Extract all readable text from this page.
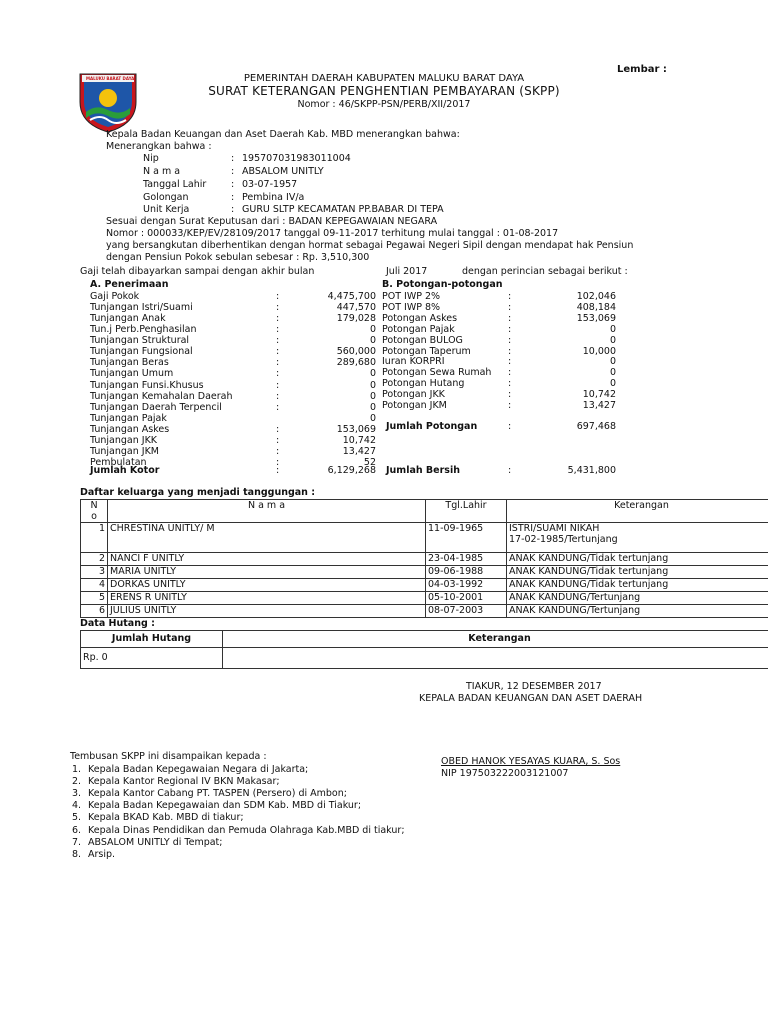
MALUKU BARAT DAYA
Lembar :
PEMERINTAH DAERAH KABUPATEN MALUKU BARAT DAYA
SURAT KETERANGAN PENGHENTIAN PEMBAYARAN (SKPP)
Nomor : 46/SKPP-PSN/PERB/XII/2017
Kepala Badan Keuangan dan Aset Daerah Kab. MBD menerangkan bahwa:
Menerangkan bahwa :
Nip	: 195707031983011004
N a m a	: ABSALOM UNITLY
Tanggal Lahir	: 03-07-1957
Golongan	: Pembina IV/a
Unit Kerja	: GURU SLTP KECAMATAN PP.BABAR DI TEPA
Sesuai dengan Surat Keputusan dari : BADAN KEPEGAWAIAN NEGARA
Nomor : 000033/KEP/EV/28109/2017 tanggal 09-11-2017 terhitung mulai tanggal : 01-08-2017
yang bersangkutan diberhentikan dengan hormat sebagai Pegawai Negeri Sipil dengan mendapat hak Pensiun
dengan Pensiun Pokok sebulan sebesar : Rp. 3,510,300
Gaji telah dibayarkan sampai dengan akhir bulan	Juli 2017	dengan perincian sebagai berikut :
A. Penerimaan
Gaji Pokok	:	4,475,700
Tunjangan Istri/Suami	:	447,570
Tunjangan Anak	:	179,028
Tun.j Perb.Penghasilan	:	0
Tunjangan Struktural	:	0
Tunjangan Fungsional	:	560,000
Tunjangan Beras	:	289,680
Tunjangan Umum	:	0
Tunjangan Funsi.Khusus	:	0
Tunjangan Kemahalan Daerah	:	0
Tunjangan Daerah Terpencil	:	0
Tunjangan Pajak	0
Tunjangan Askes	:	153,069
Tunjangan JKK	:	10,742
Tunjangan JKM	:	13,427
Pembulatan	:	52
B. Potongan-potongan
POT IWP 2%	:	102,046
POT IWP 8%	:	408,184
Potongan Askes	:	153,069
Potongan Pajak	:	0
Potongan BULOG	:	0
Potongan Taperum	:	10,000
Iuran KORPRI	:	0
Potongan Sewa Rumah :	0
Potongan Hutang	:	0
Potongan JKK	:	10,742
Potongan JKM	:	13,427
Jumlah Kotor	:	6,129,268
Jumlah Potongan	:	697,468
Jumlah Bersih	:	5,431,800
Daftar keluarga yang menjadi tanggungan :
N o	N a m a	Tgl.Lahir	Keterangan
1	CHRESTINA UNITLY/ M	11-09-1965	ISTRI/SUAMI NIKAH
17-02-1985/Tertunjang

2	NANCI F UNITLY	23-04-1985	ANAK KANDUNG/Tidak tertunjang

3	MARIA UNITLY	09-06-1988	ANAK KANDUNG/Tidak tertunjang

4	DORKAS UNITLY	04-03-1992	ANAK KANDUNG/Tidak tertunjang

5	ERENS R UNITLY	05-10-2001	ANAK KANDUNG/Tertunjang

6	JULIUS UNITLY	08-07-2003	ANAK KANDUNG/Tertunjang
Data Hutang :
Jumlah Hutang	Keterangan
Rp. 0	
TIAKUR, 12 DESEMBER 2017
KEPALA BADAN KEUANGAN DAN ASET DAERAH
OBED HANOK YESAYAS KUARA, S. Sos
NIP 197503222003121007
Tembusan SKPP ini disampaikan kepada :
1. Kepala Badan Kepegawaian Negara di Jakarta;
2. Kepala Kantor Regional IV BKN Makasar;
3. Kepala Kantor Cabang PT. TASPEN (Persero) di Ambon;
4. Kepala Badan Kepegawaian dan SDM Kab. MBD di Tiakur;
5. Kepala BKAD Kab. MBD di tiakur;
6. Kepala Dinas Pendidikan dan Pemuda Olahraga Kab.MBD di tiakur;
7. ABSALOM UNITLY di Tempat;
8. Arsip.
